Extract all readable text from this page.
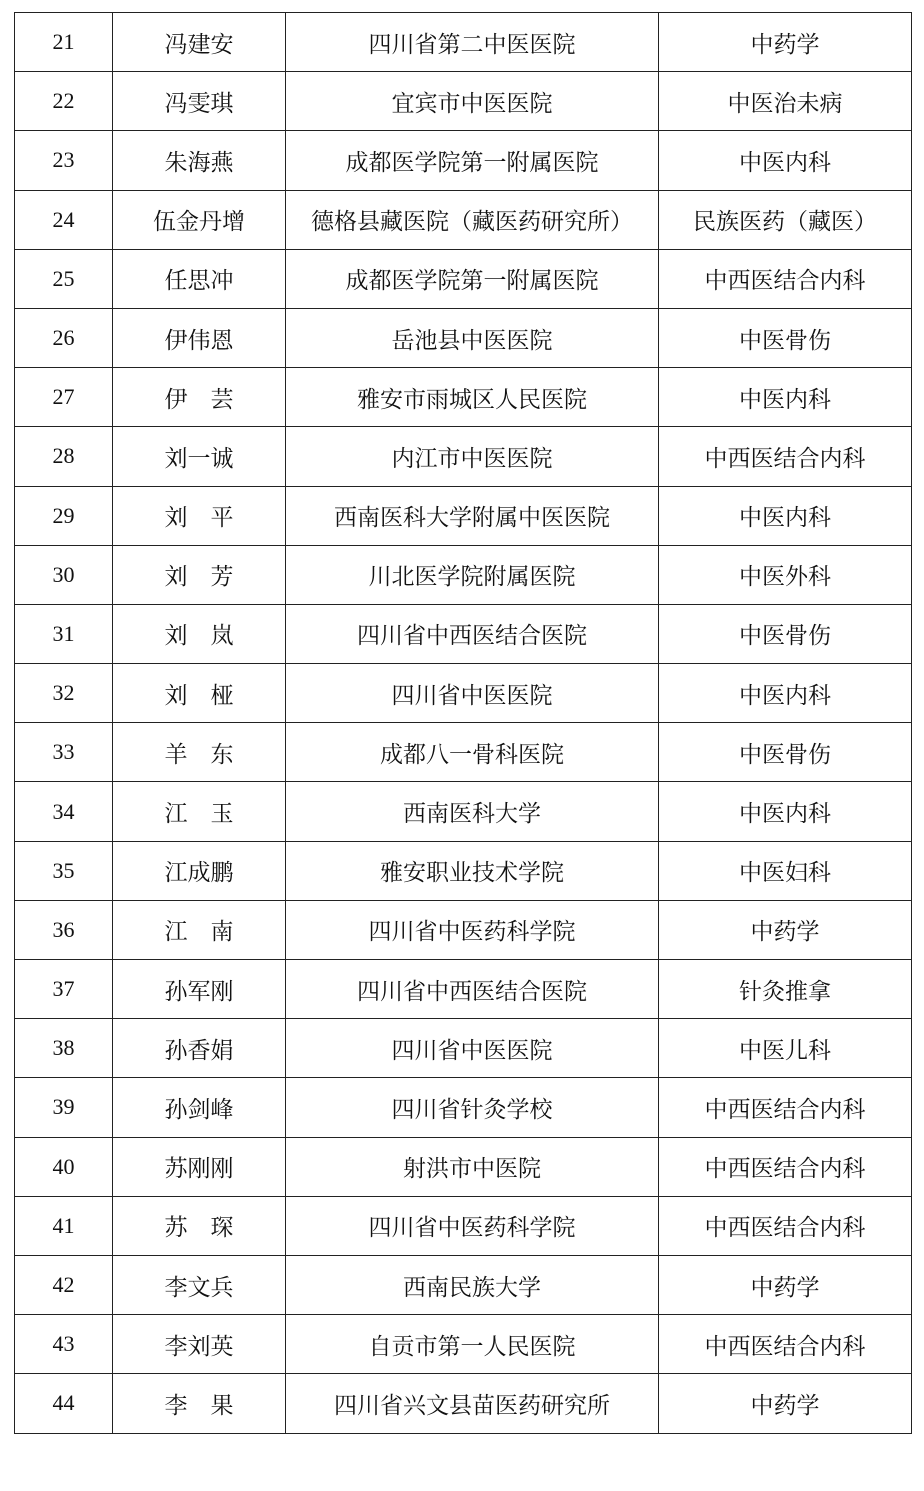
21	冯建安	四川省第二中医医院	中药学
22	冯雯琪	宜宾市中医医院	中医治未病
23	朱海燕	成都医学院第一附属医院	中医内科
24	伍金丹增	德格县藏医院（藏医药研究所）	民族医药（藏医）
25	任思冲	成都医学院第一附属医院	中西医结合内科
26	伊伟恩	岳池县中医医院	中医骨伤
27	伊　芸	雅安市雨城区人民医院	中医内科
28	刘一诚	内江市中医医院	中西医结合内科
29	刘　平	西南医科大学附属中医医院	中医内科
30	刘　芳	川北医学院附属医院	中医外科
31	刘　岚	四川省中西医结合医院	中医骨伤
32	刘　桠	四川省中医医院	中医内科
33	羊　东	成都八一骨科医院	中医骨伤
34	江　玉	西南医科大学	中医内科
35	江成鹏	雅安职业技术学院	中医妇科
36	江　南	四川省中医药科学院	中药学
37	孙军刚	四川省中西医结合医院	针灸推拿
38	孙香娟	四川省中医医院	中医儿科
39	孙剑峰	四川省针灸学校	中西医结合内科
40	苏刚刚	射洪市中医院	中西医结合内科
41	苏　琛	四川省中医药科学院	中西医结合内科
42	李文兵	西南民族大学	中药学
43	李刘英	自贡市第一人民医院	中西医结合内科
44	李　果	四川省兴文县苗医药研究所	中药学
